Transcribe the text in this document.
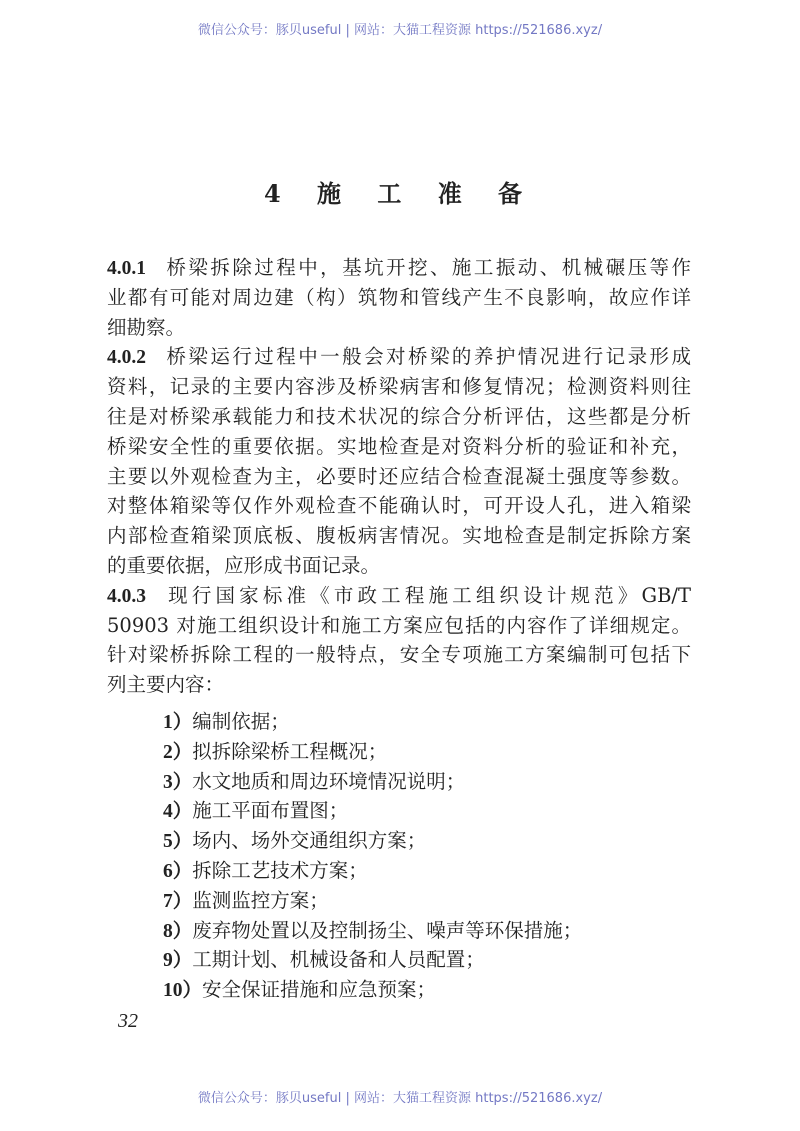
微信公众号：豚贝useful | 网站：大猫工程资源 https://521686.xyz/
4 施 工 准 备
4.0.1 桥梁拆除过程中，基坑开挖、施工振动、机械碾压等作
业都有可能对周边建（构）筑物和管线产生不良影响，故应作详
细勘察。
4.0.2 桥梁运行过程中一般会对桥梁的养护情况进行记录形成
资料，记录的主要内容涉及桥梁病害和修复情况；检测资料则往
往是对桥梁承载能力和技术状况的综合分析评估，这些都是分析
桥梁安全性的重要依据。实地检查是对资料分析的验证和补充，
主要以外观检查为主，必要时还应结合检查混凝土强度等参数。
对整体箱梁等仅作外观检查不能确认时，可开设人孔，进入箱梁
内部检查箱梁顶底板、腹板病害情况。实地检查是制定拆除方案
的重要依据，应形成书面记录。
4.0.3 现行国家标准《市政工程施工组织设计规范》GB/T
50903 对施工组织设计和施工方案应包括的内容作了详细规定。
针对梁桥拆除工程的一般特点，安全专项施工方案编制可包括下
列主要内容：
1）编制依据；
2）拟拆除梁桥工程概况；
3）水文地质和周边环境情况说明；
4）施工平面布置图；
5）场内、场外交通组织方案；
6）拆除工艺技术方案；
7）监测监控方案；
8）废弃物处置以及控制扬尘、噪声等环保措施；
9）工期计划、机械设备和人员配置；
10）安全保证措施和应急预案；
32
微信公众号：豚贝useful | 网站：大猫工程资源 https://521686.xyz/
